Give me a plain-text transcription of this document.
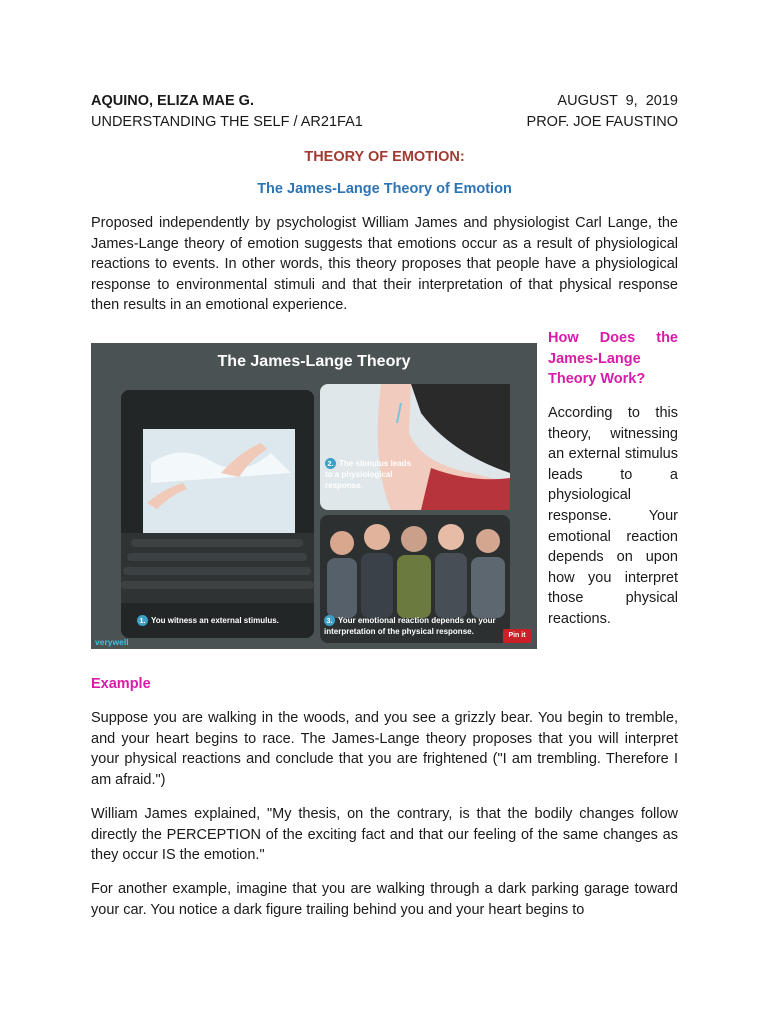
AQUINO, ELIZA MAE G.	AUGUST 9, 2019
UNDERSTANDING THE SELF / AR21FA1	PROF. JOE FAUSTINO
THEORY OF EMOTION:
The James-Lange Theory of Emotion

Proposed independently by psychologist William James and physiologist Carl Lange, the James-Lange theory of emotion suggests that emotions occur as a result of physiological reactions to events. In other words, this theory proposes that people have a physiological response to environmental stimuli and that their interpretation of that physical response then results in an emotional experience.

The James-Lange Theory
1. You witness an external stimulus.
2. The stimulus leads to a physiological response.
3. Your emotional reaction depends on your interpretation of the physical response.
verywell
Pin it
How Does the James-Lange Theory Work?

According to this theory, witnessing an external stimulus leads to a physiological response. Your emotional reaction depends on upon how you interpret those physical reactions.

Example

Suppose you are walking in the woods, and you see a grizzly bear. You begin to tremble, and your heart begins to race. The James-Lange theory proposes that you will interpret your physical reactions and conclude that you are frightened ("I am trembling. Therefore I am afraid.")

William James explained, "My thesis, on the contrary, is that the bodily changes follow directly the PERCEPTION of the exciting fact and that our feeling of the same changes as they occur IS the emotion."

For another example, imagine that you are walking through a dark parking garage toward your car. You notice a dark figure trailing behind you and your heart begins to
